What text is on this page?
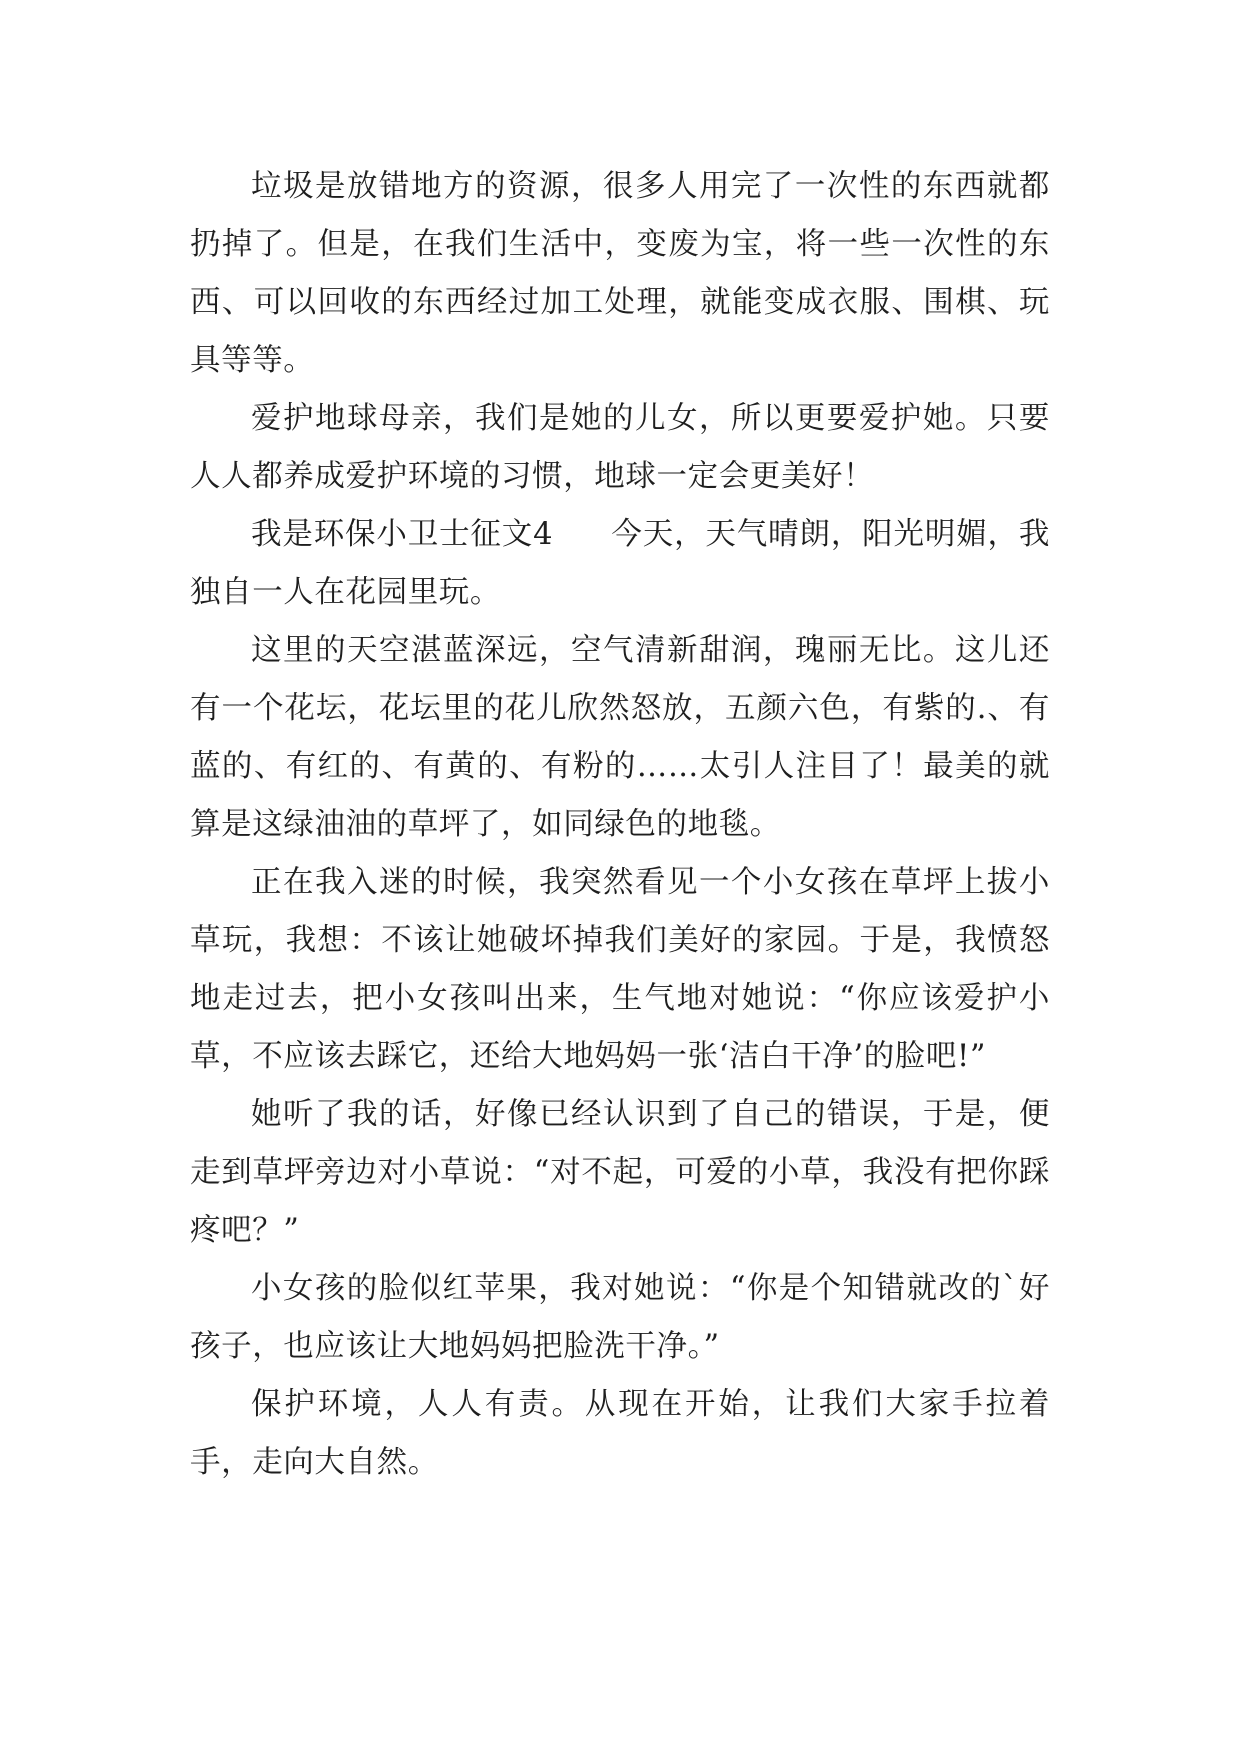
垃圾是放错地方的资源，很多人用完了一次性的东西就都扔掉了。但是，在我们生活中，变废为宝，将一些一次性的东西、可以回收的东西经过加工处理，就能变成衣服、围棋、玩具等等。

爱护地球母亲，我们是她的儿女，所以更要爱护她。只要人人都养成爱护环境的习惯，地球一定会更美好！

我是环保小卫士征文4 今天，天气晴朗，阳光明媚，我独自一人在花园里玩。

这里的天空湛蓝深远，空气清新甜润，瑰丽无比。这儿还有一个花坛，花坛里的花儿欣然怒放，五颜六色，有紫的.、有蓝的、有红的、有黄的、有粉的……太引人注目了！最美的就算是这绿油油的草坪了，如同绿色的地毯。

正在我入迷的时候，我突然看见一个小女孩在草坪上拔小草玩，我想：不该让她破坏掉我们美好的家园。于是，我愤怒地走过去，把小女孩叫出来，生气地对她说：“你应该爱护小草，不应该去踩它，还给大地妈妈一张‘洁白干净’的脸吧!”

她听了我的话，好像已经认识到了自己的错误，于是，便走到草坪旁边对小草说：“对不起，可爱的小草，我没有把你踩疼吧？”

小女孩的脸似红苹果，我对她说：“你是个知错就改的`好孩子，也应该让大地妈妈把脸洗干净。”

保护环境，人人有责。从现在开始，让我们大家手拉着手，走向大自然。
